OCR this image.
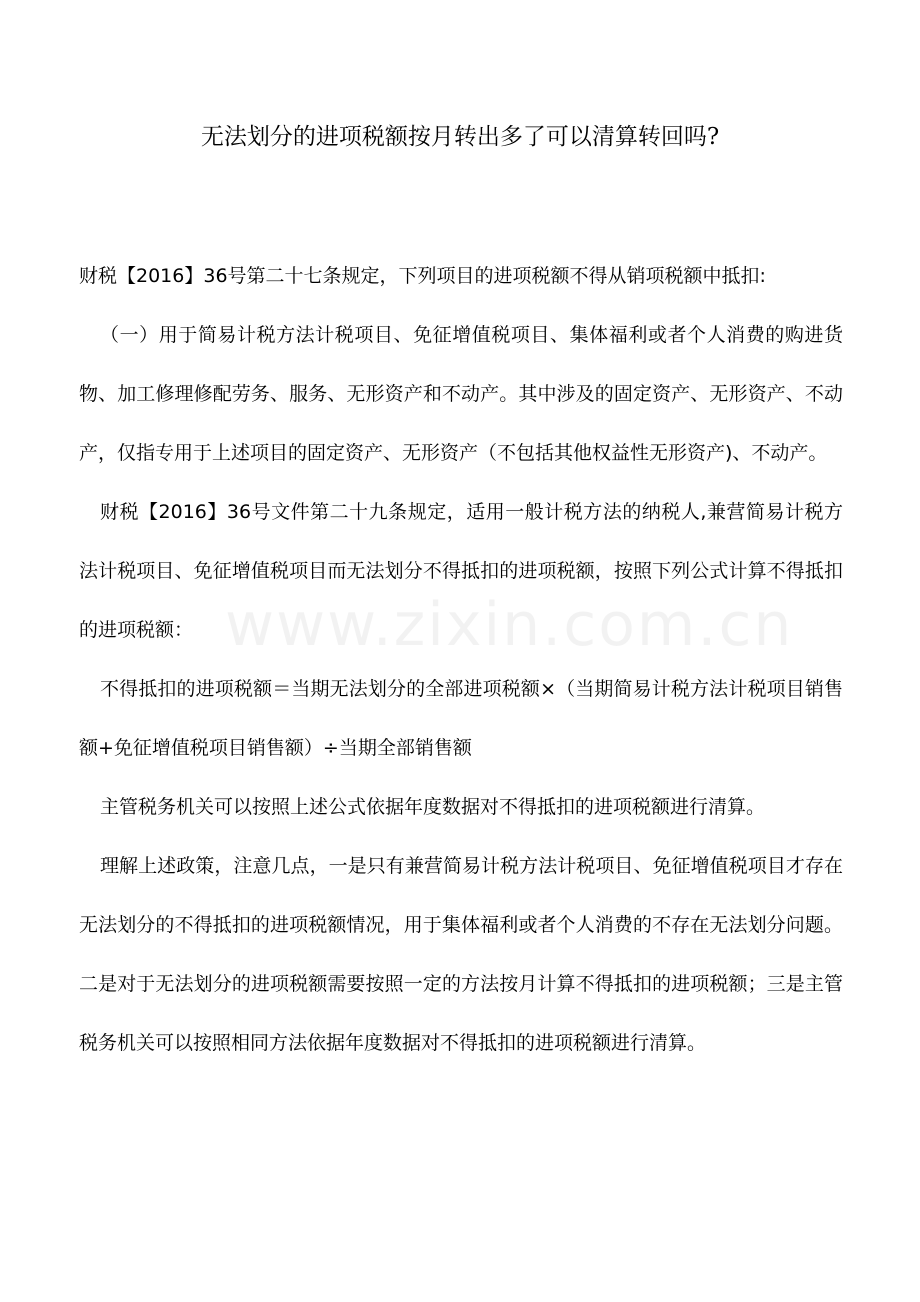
无法划分的进项税额按月转出多了可以清算转回吗?
www.zixin.com.cn

财税【2016】36号第二十七条规定，下列项目的进项税额不得从销项税额中抵扣:

（一）用于简易计税方法计税项目、免征增值税项目、集体福利或者个人消费的购进货物、加工修理修配劳务、服务、无形资产和不动产。其中涉及的固定资产、无形资产、不动产，仅指专用于上述项目的固定资产、无形资产（不包括其他权益性无形资产)、不动产。

财税【2016】36号文件第二十九条规定，适用一般计税方法的纳税人,兼营简易计税方法计税项目、免征增值税项目而无法划分不得抵扣的进项税额，按照下列公式计算不得抵扣的进项税额：

不得抵扣的进项税额＝当期无法划分的全部进项税额×（当期简易计税方法计税项目销售额+免征增值税项目销售额）÷当期全部销售额

主管税务机关可以按照上述公式依据年度数据对不得抵扣的进项税额进行清算。

理解上述政策，注意几点，一是只有兼营简易计税方法计税项目、免征增值税项目才存在无法划分的不得抵扣的进项税额情况，用于集体福利或者个人消费的不存在无法划分问题。二是对于无法划分的进项税额需要按照一定的方法按月计算不得抵扣的进项税额；三是主管税务机关可以按照相同方法依据年度数据对不得抵扣的进项税额进行清算。
